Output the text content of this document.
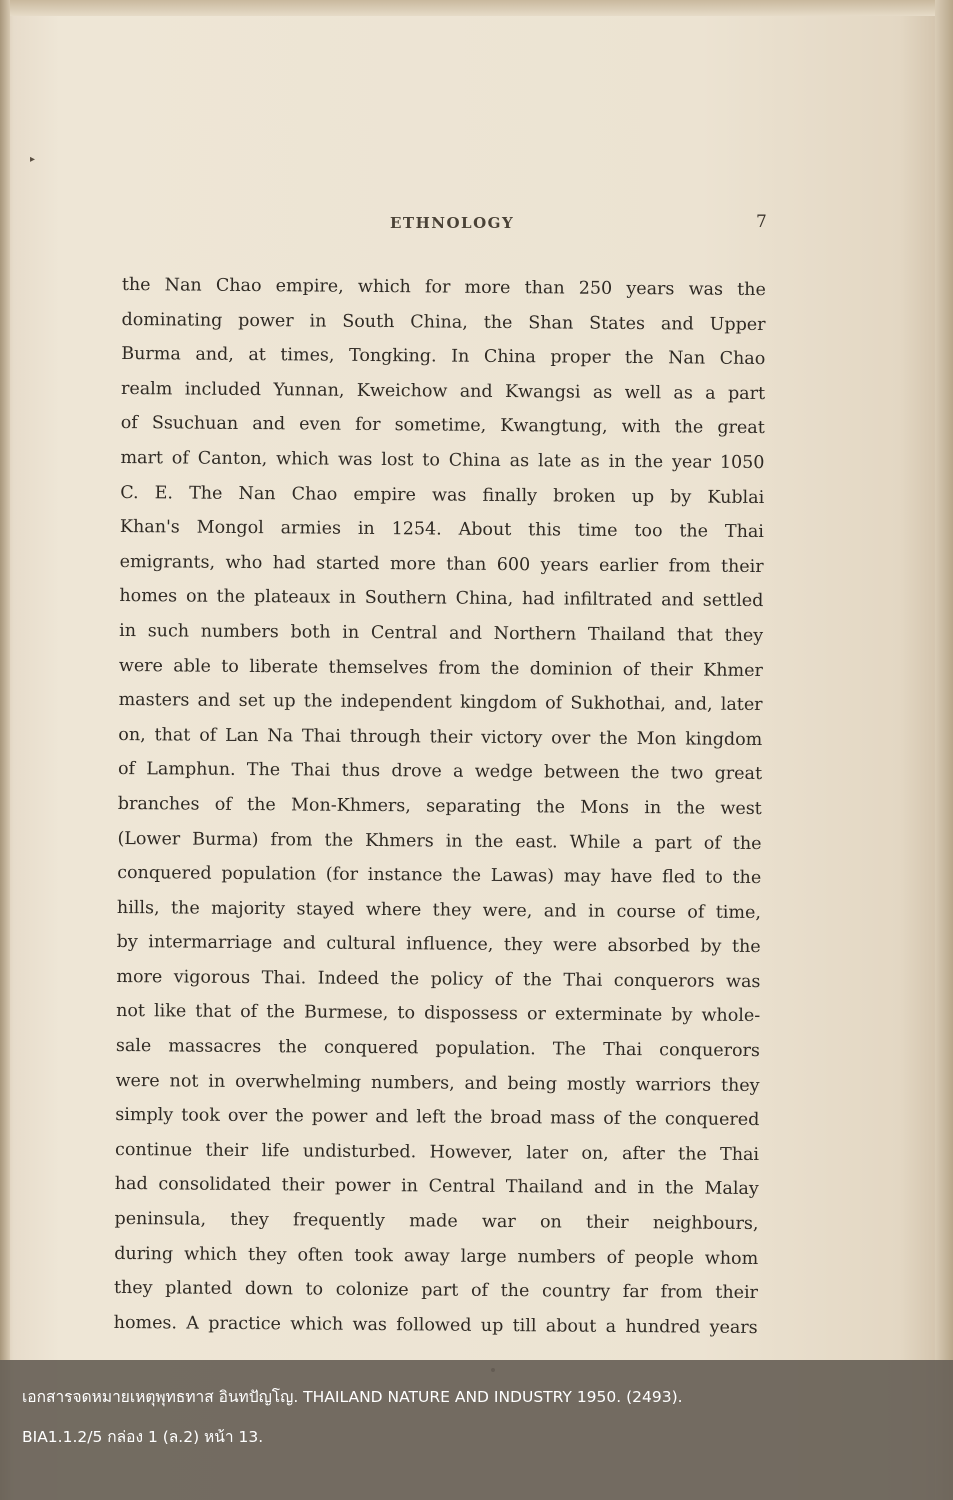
▸
ETHNOLOGY	7
the Nan Chao empire, which for more than 250 years was the
dominating power in South China, the Shan States and Upper
Burma and, at times, Tongking. In China proper the Nan Chao
realm included Yunnan, Kweichow and Kwangsi as well as a part
of Ssuchuan and even for sometime, Kwangtung, with the great
mart of Canton, which was lost to China as late as in the year 1050
C. E. The Nan Chao empire was finally broken up by Kublai
Khan's Mongol armies in 1254. About this time too the Thai
emigrants, who had started more than 600 years earlier from their
homes on the plateaux in Southern China, had infiltrated and settled
in such numbers both in Central and Northern Thailand that they
were able to liberate themselves from the dominion of their Khmer
masters and set up the independent kingdom of Sukhothai, and, later
on, that of Lan Na Thai through their victory over the Mon kingdom
of Lamphun. The Thai thus drove a wedge between the two great
branches of the Mon-Khmers, separating the Mons in the west
(Lower Burma) from the Khmers in the east. While a part of the
conquered population (for instance the Lawas) may have fled to the
hills, the majority stayed where they were, and in course of time,
by intermarriage and cultural influence, they were absorbed by the
more vigorous Thai. Indeed the policy of the Thai conquerors was
not like that of the Burmese, to dispossess or exterminate by whole-
sale massacres the conquered population. The Thai conquerors
were not in overwhelming numbers, and being mostly warriors they
simply took over the power and left the broad mass of the conquered
continue their life undisturbed. However, later on, after the Thai
had consolidated their power in Central Thailand and in the Malay
peninsula, they frequently made war on their neighbours,
during which they often took away large numbers of people whom
they planted down to colonize part of the country far from their
homes. A practice which was followed up till about a hundred years
เอกสารจดหมายเหตุพุทธทาส อินทปัญโญ. THAILAND NATURE AND INDUSTRY 1950. (2493).
BIA1.1.2/5 กล่อง 1 (ล.2) หน้า 13.
